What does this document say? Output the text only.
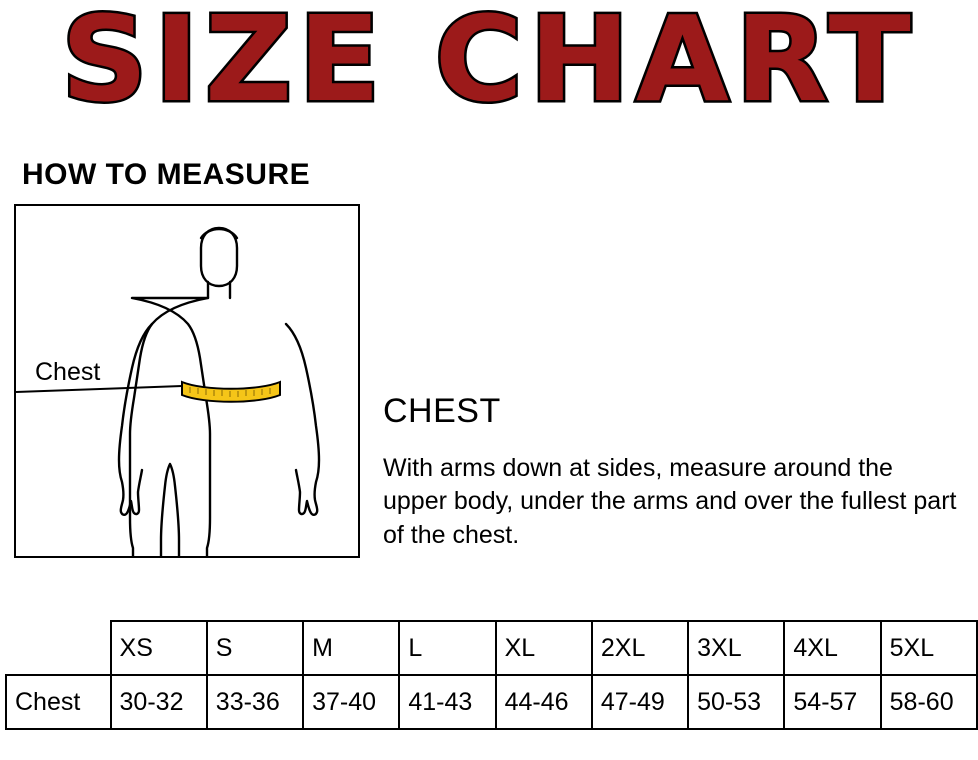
SIZE CHART
HOW TO MEASURE
Chest
CHEST
With arms down at sides, measure around the upper body, under the arms and over the fullest part of the chest.
	XS	S	M	L	XL	2XL	3XL	4XL	5XL
Chest	30-32	33-36	37-40	41-43	44-46	47-49	50-53	54-57	58-60
